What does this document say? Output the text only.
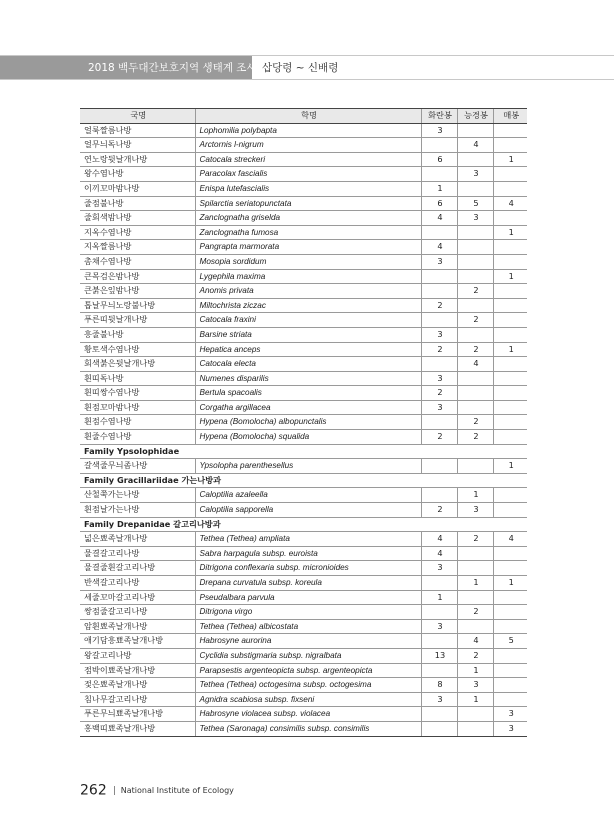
2018 백두대간보호지역 생태계 조사 삽당령 ~ 신배령
국명	학명	화란봉	능경봉	매봉
얼룩짤름나방	Lophomilia polybapta	3		
얼무늬독나방	Arctornis l-nigrum		4	
연노랑뒷날개나방	Catocala streckeri	6		1
왕수염나방	Paracolax fascialis		3	
이끼꼬마밤나방	Enispa lutefascialis	1		
줄점불나방	Spilarctia seriatopunctata	6	5	4
줄회색밤나방	Zanclognatha griselda	4	3	
지옥수염나방	Zanclognatha fumosa			1
지옥짤름나방	Pangrapta marmorata	4		
촘채수염나방	Mosopia sordidum	3		
큰목검은밤나방	Lygephila maxima			1
큰붉은잎밤나방	Anomis privata		2	
톱날무늬노랑불나방	Miltochrista ziczac	2		
푸른띠뒷날개나방	Catocala fraxini		2	
흥줄불나방	Barsine striata	3		
황토색수염나방	Hepatica anceps	2	2	1
회색붉은뒷날개나방	Catocala electa		4	
흰띠독나방	Numenes disparilis	3		
흰띠쌍수염나방	Bertula spacoalis	2		
흰점꼬마밤나방	Corgatha argillacea	3		
흰점수염나방	Hypena (Bomolocha) albopunctalis		2	
흰줄수염나방	Hypena (Bomolocha) squalida	2	2	
Family Ypsolophidae				
갈색줄무늬좀나방	Ypsolopha parenthesellus			1
Family Gracillariidae 가는나방과				
산철쭉가는나방	Caloptilia azaleella		1	
흰점날가는나방	Caloptilia sapporella	2	3	
Family Drepanidae 갈고리나방과				
넓은뾰족날개나방	Tethea (Tethea) ampliata	4	2	4
물결갈고리나방	Sabra harpagula subsp. euroista	4		
물결줄흰갈고리나방	Ditrigona conflexaria subsp. micronioides	3		
반색갈고리나방	Drepana curvatula subsp. koreula		1	1
세줄꼬마갈고리나방	Pseudalbara parvula	1		
쌍점줄갈고리나방	Ditrigona virgo		2	
암흰뾰족날개나방	Tethea (Tethea) albicostata	3		
애기담흥뾰족날개나방	Habrosyne aurorina		4	5
왕갈고리나방	Cyclidia substigmaria subsp. nigralbata	13	2	
점박이뾰족날개나방	Parapsestis argenteopicta subsp. argenteopicta		1	
젖은뾰족날개나방	Tethea (Tethea) octogesima subsp. octogesima	8	3	
침나무갈고리나방	Agnidra scabiosa subsp. fixseni	3	1	
푸른무늬뾰족날개나방	Habrosyne violacea subsp. violacea			3
홍백띠뾰족날개나방	Tethea (Saronaga) consimilis subsp. consimilis			3
262 National Institute of Ecology
